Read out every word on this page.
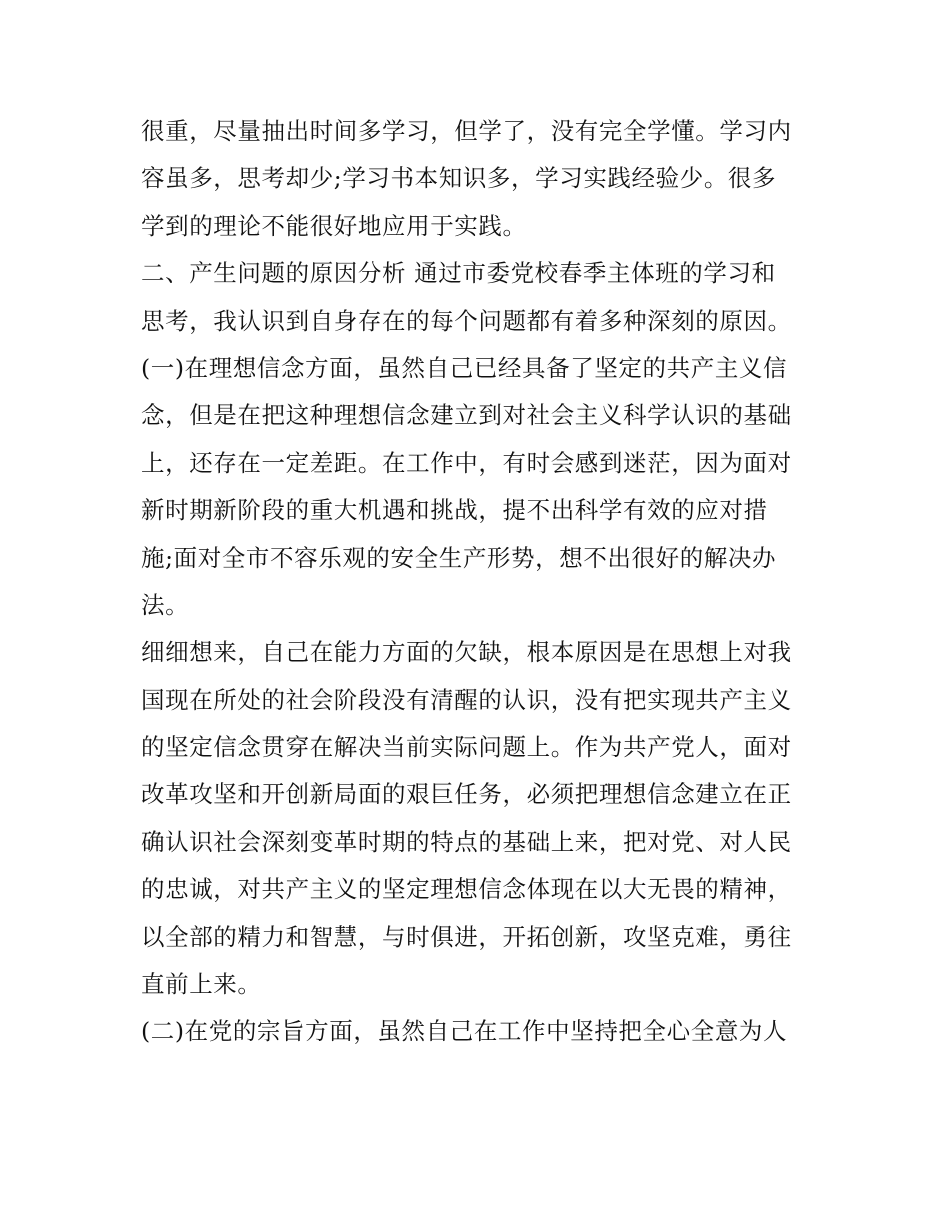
很重，尽量抽出时间多学习，但学了，没有完全学懂。学习内
容虽多，思考却少;学习书本知识多，学习实践经验少。很多
学到的理论不能很好地应用于实践。
二、产生问题的原因分析 通过市委党校春季主体班的学习和
思考，我认识到自身存在的每个问题都有着多种深刻的原因。
(一)在理想信念方面，虽然自己已经具备了坚定的共产主义信
念，但是在把这种理想信念建立到对社会主义科学认识的基础
上，还存在一定差距。在工作中，有时会感到迷茫，因为面对
新时期新阶段的重大机遇和挑战，提不出科学有效的应对措
施;面对全市不容乐观的安全生产形势，想不出很好的解决办
法。
细细想来，自己在能力方面的欠缺，根本原因是在思想上对我
国现在所处的社会阶段没有清醒的认识，没有把实现共产主义
的坚定信念贯穿在解决当前实际问题上。作为共产党人，面对
改革攻坚和开创新局面的艰巨任务，必须把理想信念建立在正
确认识社会深刻变革时期的特点的基础上来，把对党、对人民
的忠诚，对共产主义的坚定理想信念体现在以大无畏的精神，
以全部的精力和智慧，与时俱进，开拓创新，攻坚克难，勇往
直前上来。
(二)在党的宗旨方面，虽然自己在工作中坚持把全心全意为人
